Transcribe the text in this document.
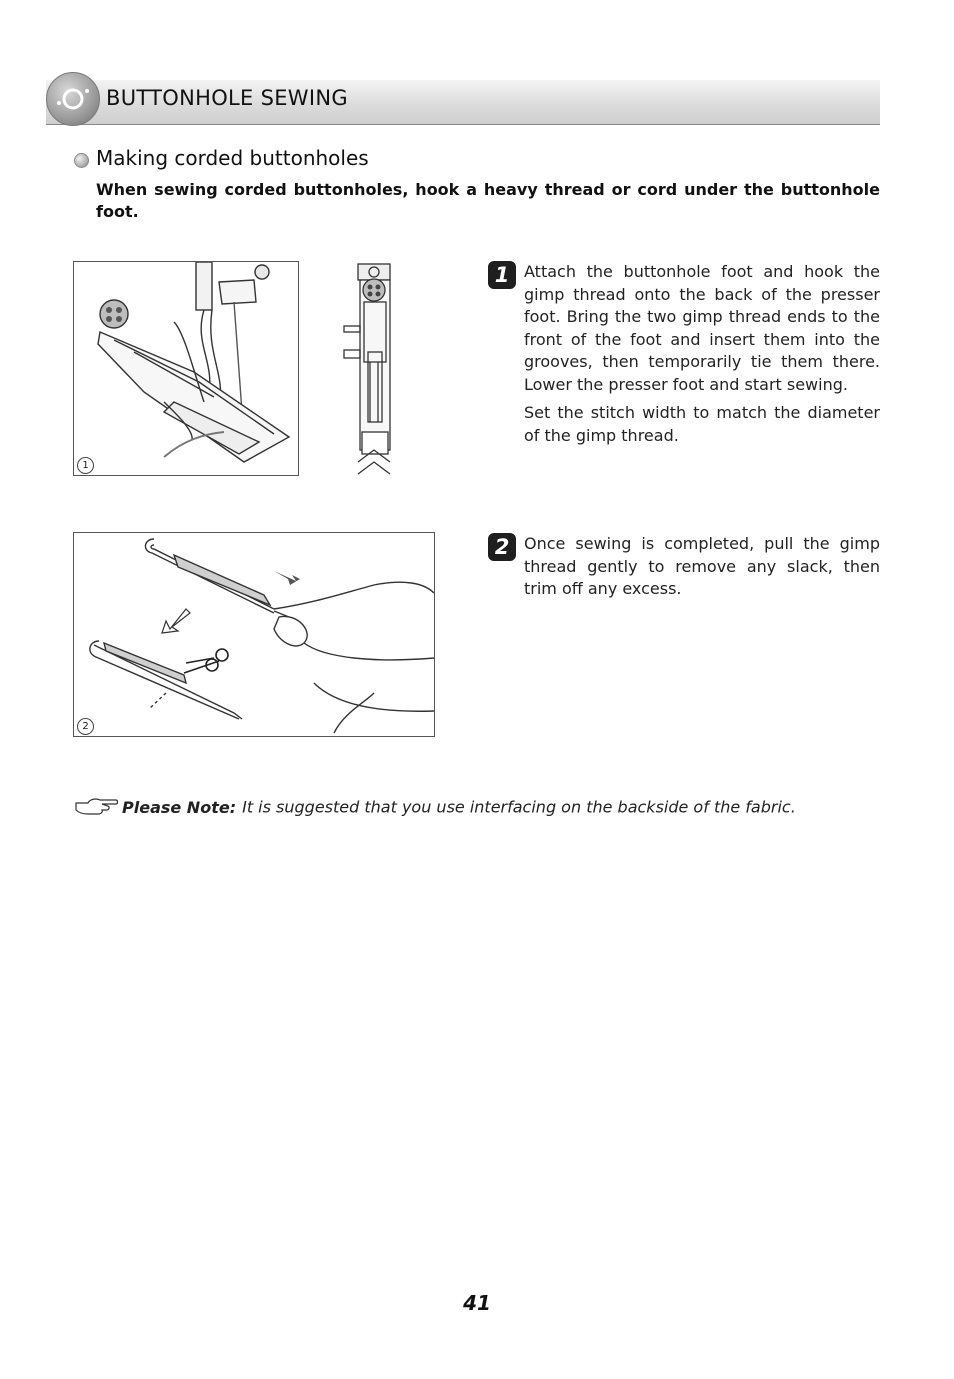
BUTTONHOLE SEWING
Making corded buttonholes
When sewing corded buttonholes, hook a heavy thread or cord under the buttonhole foot.
1
1 Attach the buttonhole foot and hook the gimp thread onto the back of the presser foot. Bring the two gimp thread ends to the front of the foot and insert them into the grooves, then temporarily tie them there. Lower the presser foot and start sewing.

Set the stitch width to match the diameter of the gimp thread.

2
2 Once sewing is completed, pull the gimp thread gently to remove any slack, then trim off any excess.

Please Note: It is suggested that you use interfacing on the backside of the fabric.
41
